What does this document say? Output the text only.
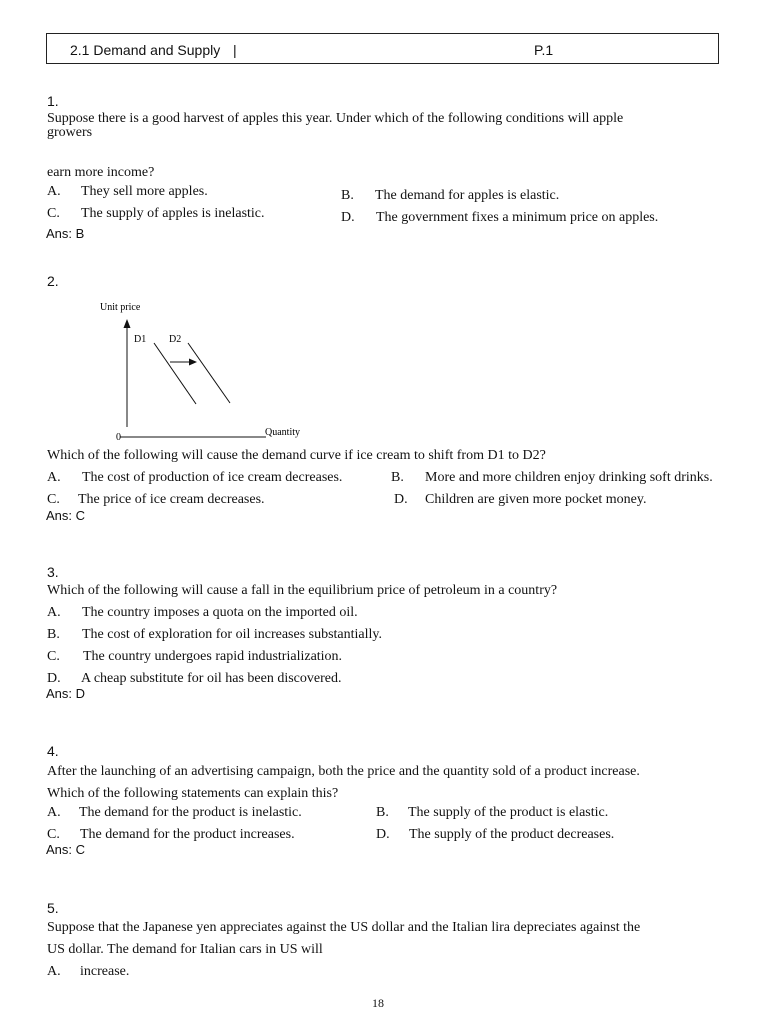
2.1 Demand and Supply |	P.1
1.
Suppose there is a good harvest of apples this year. Under which of the following conditions will apple
growers
earn more income?
A. They sell more apples.	B. The demand for apples is elastic.
C. The supply of apples is inelastic.	D. The government fixes a minimum price on apples.
Ans: B
2.
Unit price
0	Quantity
D1 D2
Which of the following will cause the demand curve if ice cream to shift from D1 to D2?
A. The cost of production of ice cream decreases.	B. More and more children enjoy drinking soft drinks.
C. The price of ice cream decreases.	D. Children are given more pocket money.
Ans: C
3.
Which of the following will cause a fall in the equilibrium price of petroleum in a country?
A. The country imposes a quota on the imported oil.
B. The cost of exploration for oil increases substantially.
C. The country undergoes rapid industrialization.
D. A cheap substitute for oil has been discovered.
Ans: D
4.
After the launching of an advertising campaign, both the price and the quantity sold of a product increase.
Which of the following statements can explain this?
A. The demand for the product is inelastic.	B. The supply of the product is elastic.
C. The demand for the product increases.	D. The supply of the product decreases.
Ans: C
5.
Suppose that the Japanese yen appreciates against the US dollar and the Italian lira depreciates against the
US dollar. The demand for Italian cars in US will
A. increase.
18
